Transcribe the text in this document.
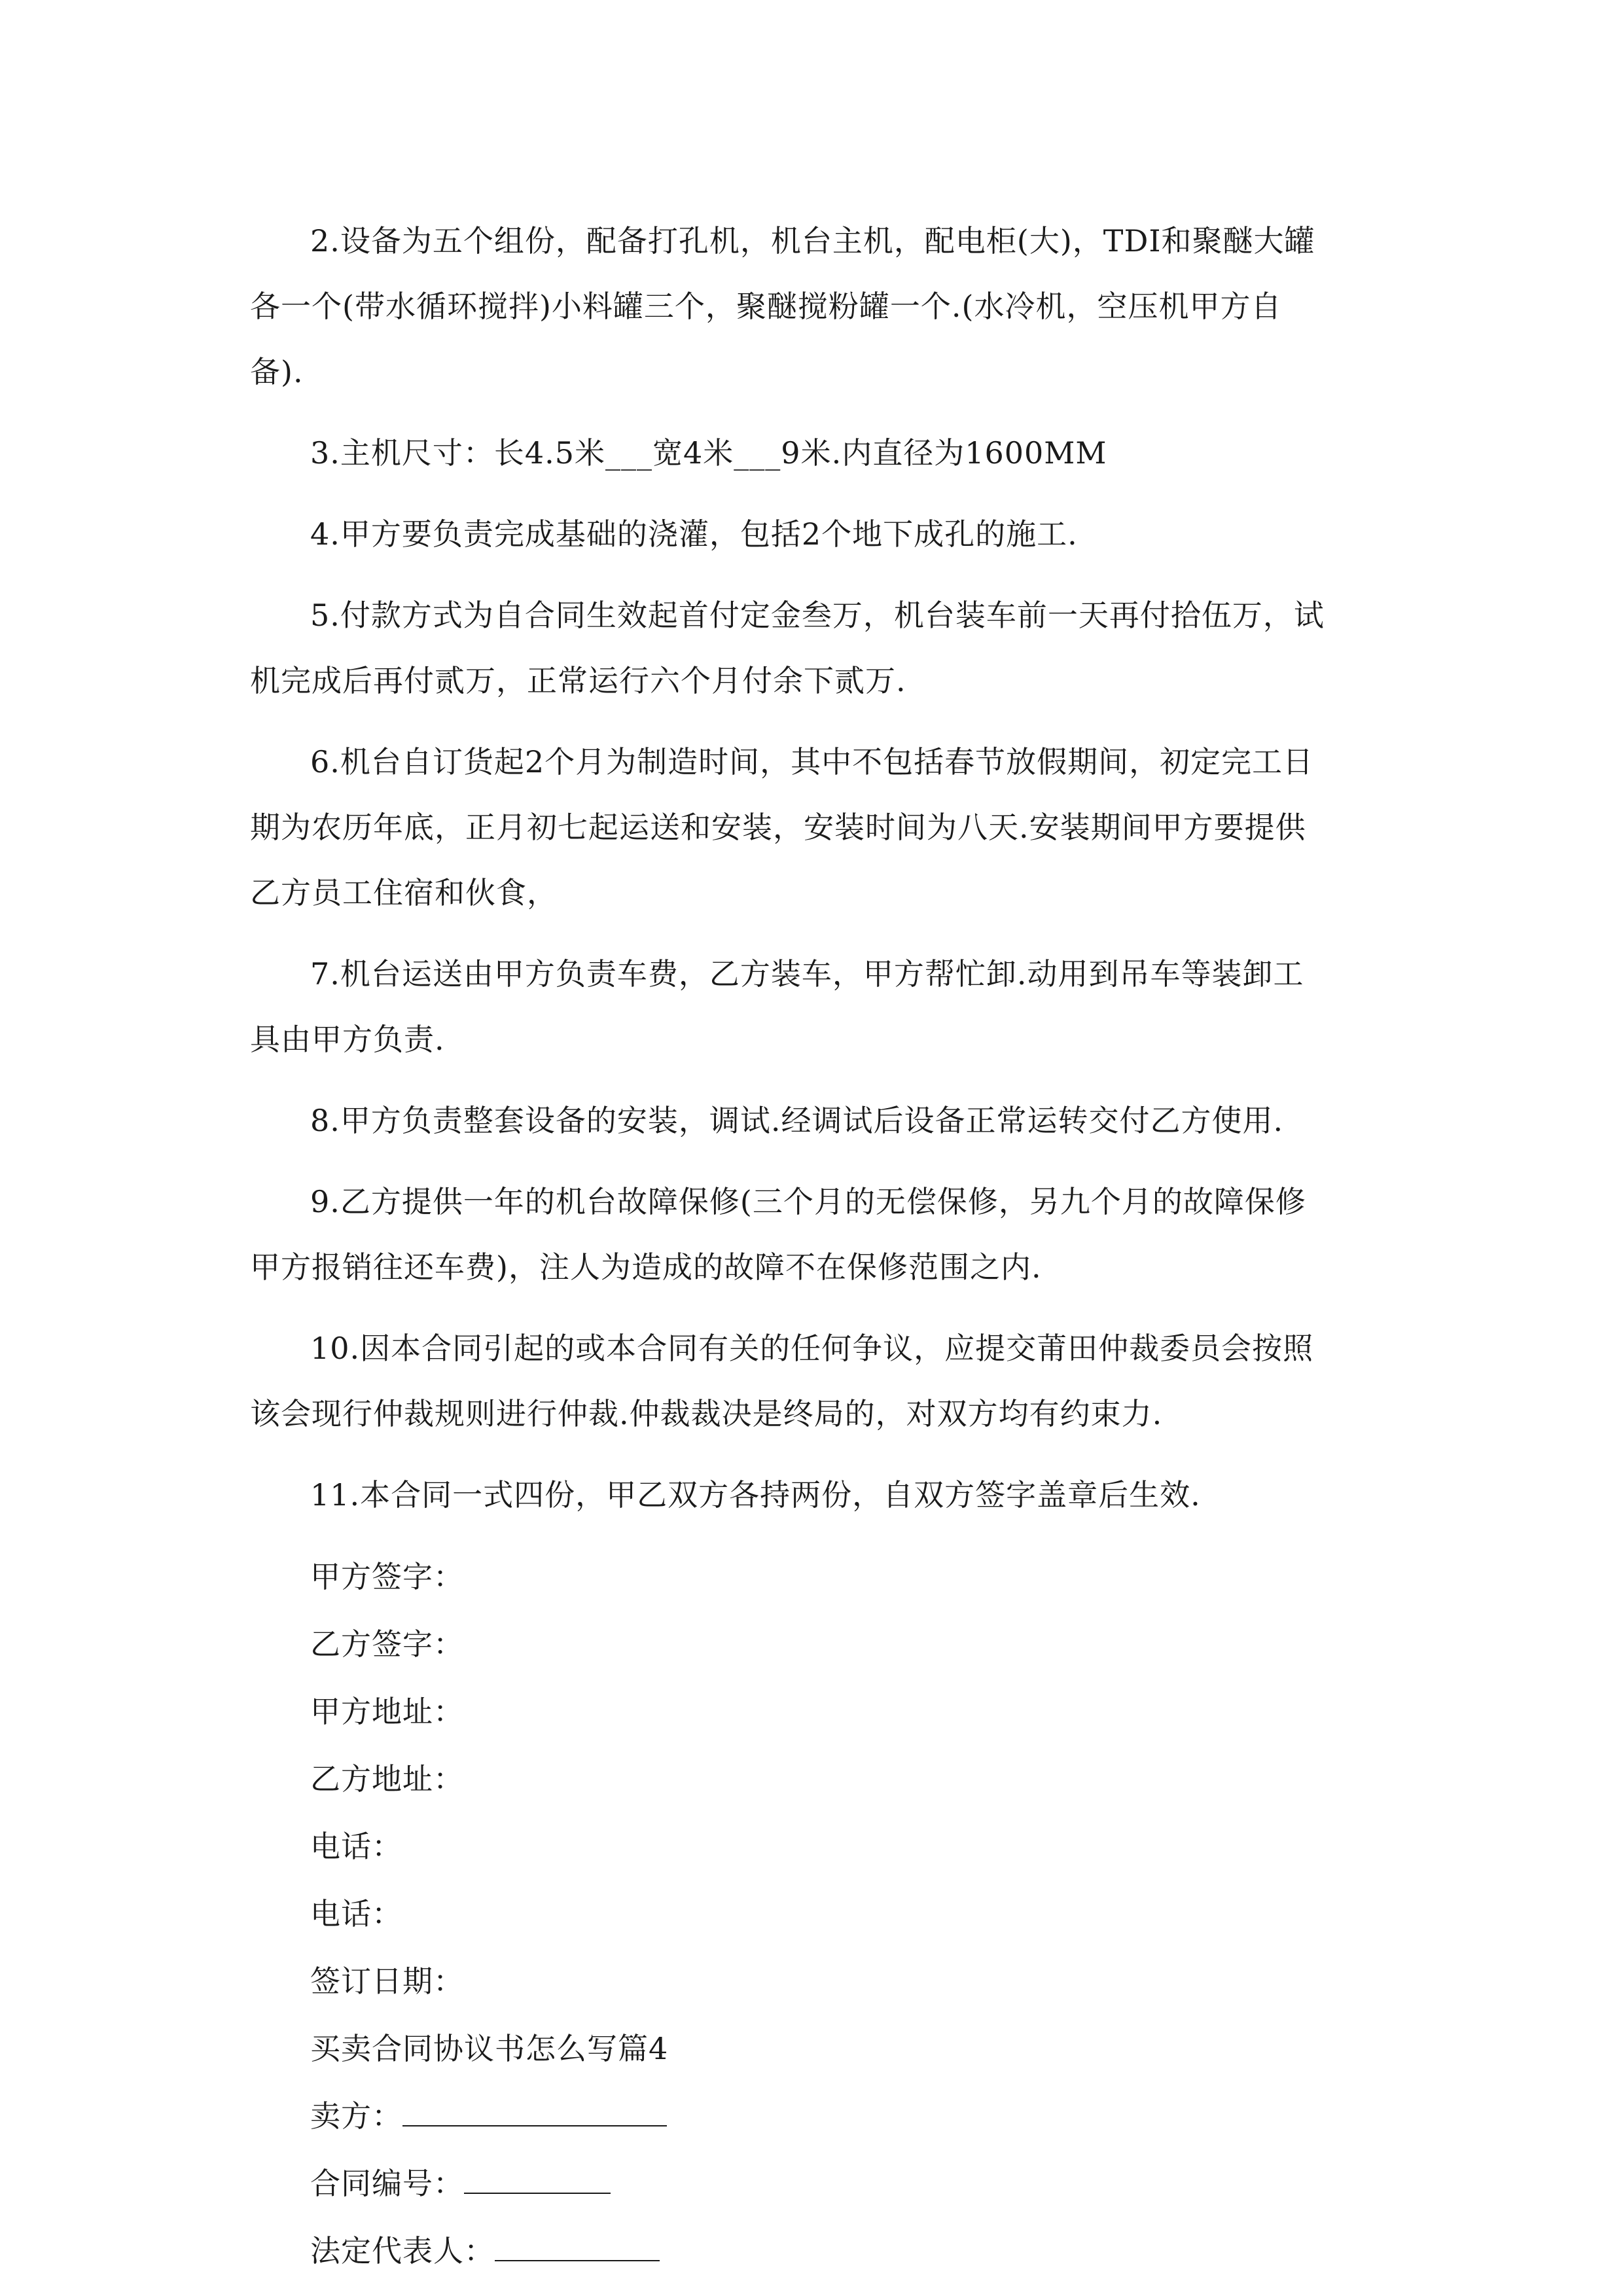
2.设备为五个组份，配备打孔机，机台主机，配电柜(大)，TDI和聚醚大罐
各一个(带水循环搅拌)小料罐三个，聚醚搅粉罐一个.(水冷机，空压机甲方自
备).
3.主机尺寸：长4.5米___宽4米___9米.内直径为1600MM
4.甲方要负责完成基础的浇灌，包括2个地下成孔的施工.
5.付款方式为自合同生效起首付定金叁万，机台装车前一天再付拾伍万，试
机完成后再付贰万，正常运行六个月付余下贰万.
6.机台自订货起2个月为制造时间，其中不包括春节放假期间，初定完工日
期为农历年底，正月初七起运送和安装，安装时间为八天.安装期间甲方要提供
乙方员工住宿和伙食，
7.机台运送由甲方负责车费，乙方装车，甲方帮忙卸.动用到吊车等装卸工
具由甲方负责.
8.甲方负责整套设备的安装，调试.经调试后设备正常运转交付乙方使用.
9.乙方提供一年的机台故障保修(三个月的无偿保修，另九个月的故障保修
甲方报销往还车费)，注人为造成的故障不在保修范围之内.
10.因本合同引起的或本合同有关的任何争议，应提交莆田仲裁委员会按照
该会现行仲裁规则进行仲裁.仲裁裁决是终局的，对双方均有约束力.
11.本合同一式四份，甲乙双方各持两份，自双方签字盖章后生效.
甲方签字：
乙方签字：
甲方地址：
乙方地址：
电话：
电话：
签订日期：
买卖合同协议书怎么写篇4
卖方：
合同编号：
法定代表人：
